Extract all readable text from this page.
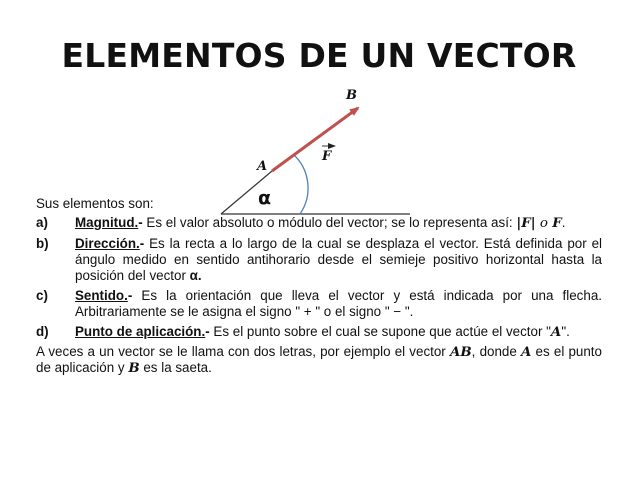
ELEMENTOS DE UN VECTOR
B
A
F
α
Sus elementos son:
a)	Magnitud.- Es el valor absoluto o módulo del vector; se lo representa así: |F| o F.
b)	Dirección.- Es la recta a lo largo de la cual se desplaza el vector. Está definida por el ángulo medido en sentido antihorario desde el semieje positivo horizontal hasta la posición del vector α.
c)	Sentido.- Es la orientación que lleva el vector y está indicada por una flecha. Arbitrariamente se le asigna el signo " + " o el signo " − ".
d)	Punto de aplicación.- Es el punto sobre el cual se supone que actúe el vector "A".
A veces a un vector se le llama con dos letras, por ejemplo el vector AB, donde A es el punto de aplicación y B es la saeta.
